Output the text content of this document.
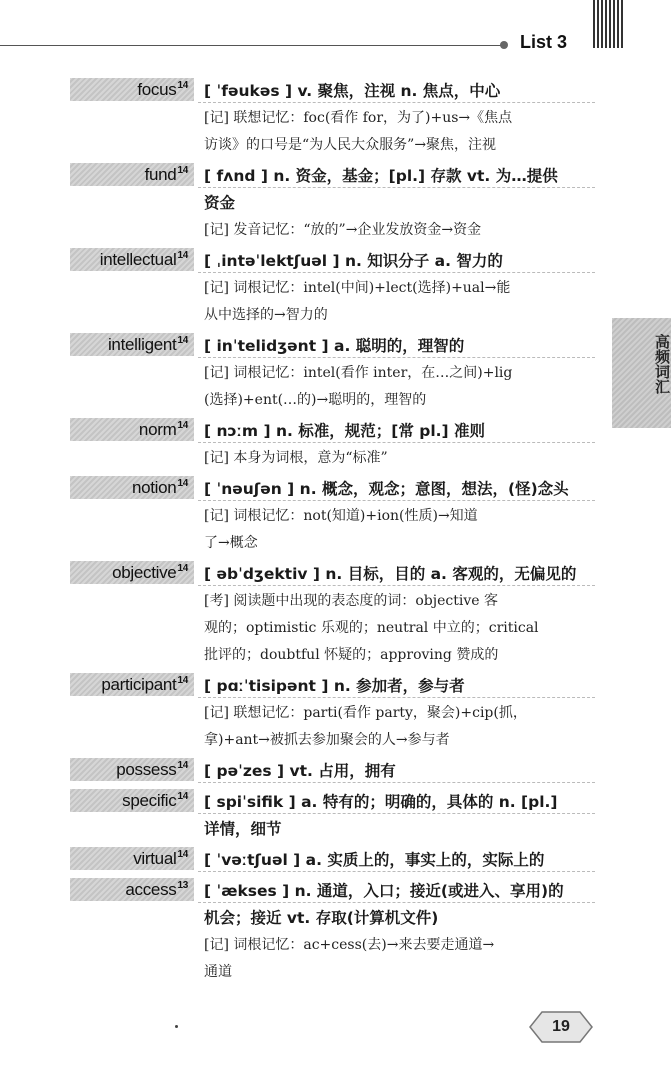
List 3
高频词汇
focus$^{14}$	[ ˈfəukəs ] v. 聚焦，注视 n. 焦点，中心
[记] 联想记忆：foc(看作 for，为了)+us→《焦点
访谈》的口号是“为人民大众服务”→聚焦，注视
fund$^{14}$	[ fʌnd ] n. 资金，基金；[pl.] 存款 vt. 为…提供
资金
[记] 发音记忆：“放的”→企业发放资金→资金
intellectual$^{14}$	[ ˌintəˈlektʃuəl ] n. 知识分子 a. 智力的
[记] 词根记忆：intel(中间)+lect(选择)+ual→能
从中选择的→智力的
intelligent$^{14}$	[ inˈtelidʒənt ] a. 聪明的，理智的
[记] 词根记忆：intel(看作 inter，在…之间)+lig
(选择)+ent(…的)→聪明的，理智的
norm$^{14}$	[ nɔːm ] n. 标准，规范；[常 pl.] 准则
[记] 本身为词根，意为“标准”
notion$^{14}$	[ ˈnəuʃən ] n. 概念，观念；意图，想法，(怪)念头
[记] 词根记忆：not(知道)+ion(性质)→知道
了→概念
objective$^{14}$	[ əbˈdʒektiv ] n. 目标，目的 a. 客观的，无偏见的
[考] 阅读题中出现的表态度的词：objective 客
观的；optimistic 乐观的；neutral 中立的；critical
批评的；doubtful 怀疑的；approving 赞成的
participant$^{14}$	[ pɑːˈtisipənt ] n. 参加者，参与者
[记] 联想记忆：parti(看作 party，聚会)+cip(抓，
拿)+ant→被抓去参加聚会的人→参与者
possess$^{14}$	[ pəˈzes ] vt. 占用，拥有
specific$^{14}$	[ spiˈsifik ] a. 特有的；明确的，具体的 n. [pl.]
详情，细节
virtual$^{14}$	[ ˈvəːtʃuəl ] a. 实质上的，事实上的，实际上的
access$^{13}$	[ ˈækses ] n. 通道，入口；接近(或进入、享用)的
机会；接近 vt. 存取(计算机文件)
[记] 词根记忆：ac+cess(去)→来去要走通道→
通道
19
